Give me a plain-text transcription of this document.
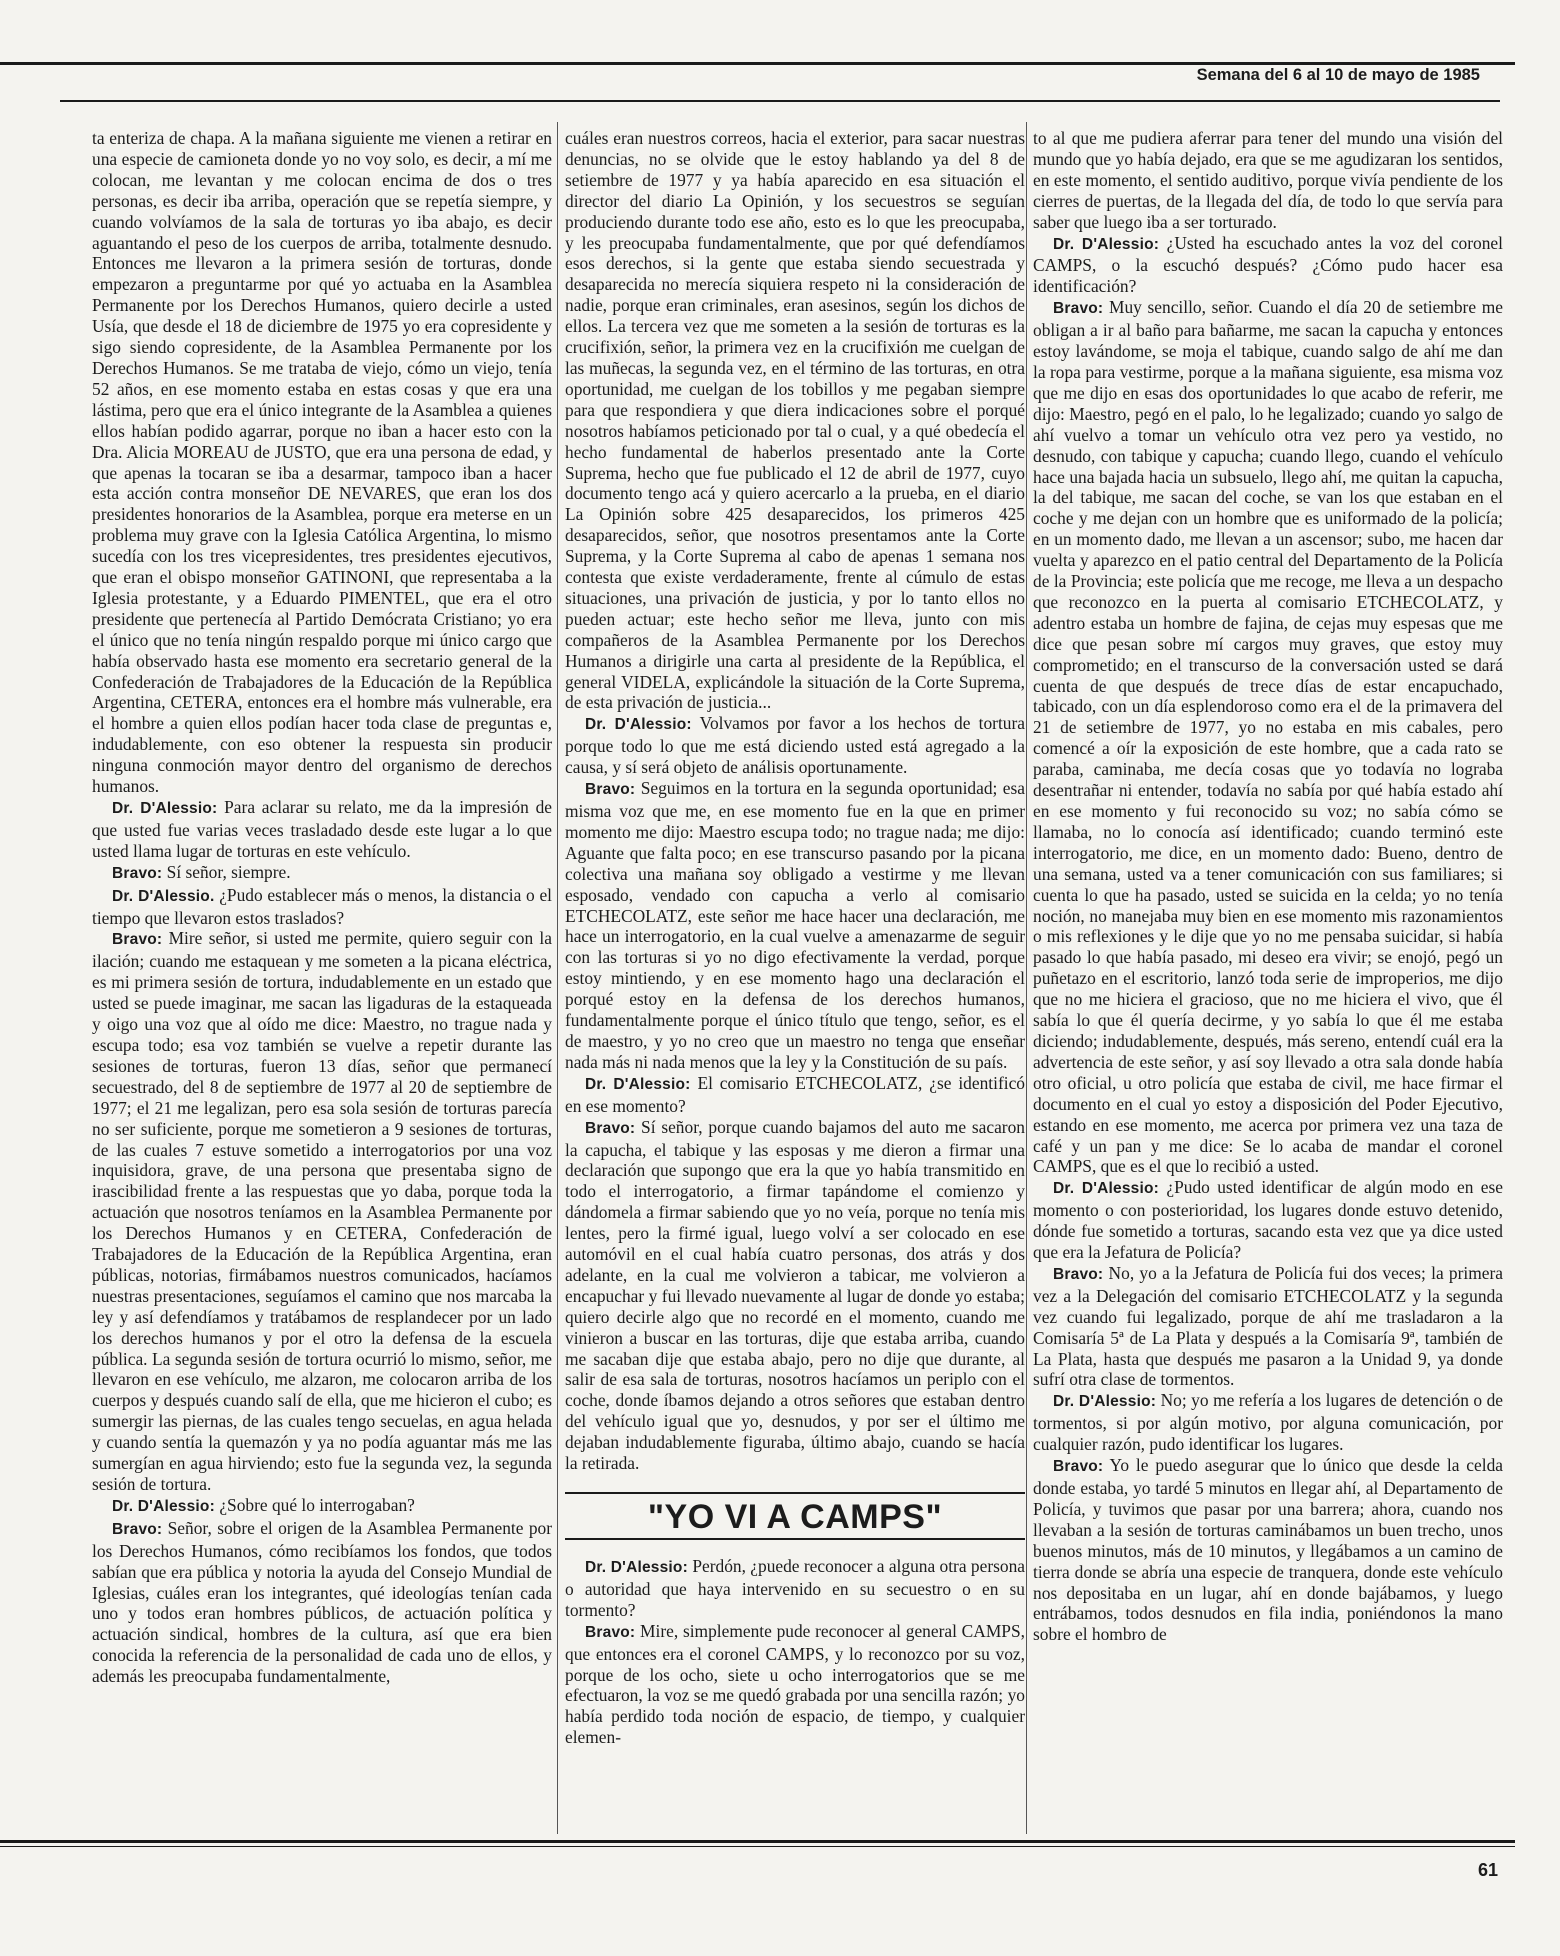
Semana del 6 al 10 de mayo de 1985

ta enteriza de chapa. A la mañana siguiente me vienen a retirar en una especie de camioneta donde yo no voy solo, es decir, a mí me colocan, me levantan y me colocan encima de dos o tres personas, es decir iba arriba, operación que se repetía siempre, y cuando volvíamos de la sala de torturas yo iba abajo, es decir aguantando el peso de los cuerpos de arriba, totalmente desnudo. Entonces me llevaron a la primera sesión de torturas, donde empezaron a preguntarme por qué yo actuaba en la Asamblea Permanente por los Derechos Humanos, quiero decirle a usted Usía, que desde el 18 de diciembre de 1975 yo era copresidente y sigo siendo copresidente, de la Asamblea Permanente por los Derechos Humanos. Se me trataba de viejo, cómo un viejo, tenía 52 años, en ese momento estaba en estas cosas y que era una lástima, pero que era el único integrante de la Asamblea a quienes ellos habían podido agarrar, porque no iban a hacer esto con la Dra. Alicia MOREAU de JUSTO, que era una persona de edad, y que apenas la tocaran se iba a desarmar, tampoco iban a hacer esta acción contra monseñor DE NEVARES, que eran los dos presidentes honorarios de la Asamblea, porque era meterse en un problema muy grave con la Iglesia Católica Argentina, lo mismo sucedía con los tres vicepresidentes, tres presidentes ejecutivos, que eran el obispo monseñor GATINONI, que representaba a la Iglesia protestante, y a Eduardo PIMENTEL, que era el otro presidente que pertenecía al Partido Demócrata Cristiano; yo era el único que no tenía ningún respaldo porque mi único cargo que había observado hasta ese momento era secretario general de la Confederación de Trabajadores de la Educación de la República Argentina, CETERA, entonces era el hombre más vulnerable, era el hombre a quien ellos podían hacer toda clase de preguntas e, indudablemente, con eso obtener la respuesta sin producir ninguna conmoción mayor dentro del organismo de derechos humanos.

Dr. D'Alessio: Para aclarar su relato, me da la impresión de que usted fue varias veces trasladado desde este lugar a lo que usted llama lugar de torturas en este vehículo.

Bravo: Sí señor, siempre.

Dr. D'Alessio. ¿Pudo establecer más o menos, la distancia o el tiempo que llevaron estos traslados?

Bravo: Mire señor, si usted me permite, quiero seguir con la ilación; cuando me estaquean y me someten a la picana eléctrica, es mi primera sesión de tortura, indudablemente en un estado que usted se puede imaginar, me sacan las ligaduras de la estaqueada y oigo una voz que al oído me dice: Maestro, no trague nada y escupa todo; esa voz también se vuelve a repetir durante las sesiones de torturas, fueron 13 días, señor que permanecí secuestrado, del 8 de septiembre de 1977 al 20 de septiembre de 1977; el 21 me legalizan, pero esa sola sesión de torturas parecía no ser suficiente, porque me sometieron a 9 sesiones de torturas, de las cuales 7 estuve sometido a interrogatorios por una voz inquisidora, grave, de una persona que presentaba signo de irascibilidad frente a las respuestas que yo daba, porque toda la actuación que nosotros teníamos en la Asamblea Permanente por los Derechos Humanos y en CETERA, Confederación de Trabajadores de la Educación de la República Argentina, eran públicas, notorias, firmábamos nuestros comunicados, hacíamos nuestras presentaciones, seguíamos el camino que nos marcaba la ley y así defendíamos y tratábamos de resplandecer por un lado los derechos humanos y por el otro la defensa de la escuela pública. La segunda sesión de tortura ocurrió lo mismo, señor, me llevaron en ese vehículo, me alzaron, me colocaron arriba de los cuerpos y después cuando salí de ella, que me hicieron el cubo; es sumergir las piernas, de las cuales tengo secuelas, en agua helada y cuando sentía la quemazón y ya no podía aguantar más me las sumergían en agua hirviendo; esto fue la segunda vez, la segunda sesión de tortura.

Dr. D'Alessio: ¿Sobre qué lo interrogaban?

Bravo: Señor, sobre el origen de la Asamblea Permanente por los Derechos Humanos, cómo recibíamos los fondos, que todos sabían que era pública y notoria la ayuda del Consejo Mundial de Iglesias, cuáles eran los integrantes, qué ideologías tenían cada uno y todos eran hombres públicos, de actuación política y actuación sindical, hombres de la cultura, así que era bien conocida la referencia de la personalidad de cada uno de ellos, y además les preocupaba fundamentalmente,

cuáles eran nuestros correos, hacia el exterior, para sacar nuestras denuncias, no se olvide que le estoy hablando ya del 8 de setiembre de 1977 y ya había aparecido en esa situación el director del diario La Opinión, y los secuestros se seguían produciendo durante todo ese año, esto es lo que les preocupaba, y les preocupaba fundamentalmente, que por qué defendíamos esos derechos, si la gente que estaba siendo secuestrada y desaparecida no merecía siquiera respeto ni la consideración de nadie, porque eran criminales, eran asesinos, según los dichos de ellos. La tercera vez que me someten a la sesión de torturas es la crucifixión, señor, la primera vez en la crucifixión me cuelgan de las muñecas, la segunda vez, en el término de las torturas, en otra oportunidad, me cuelgan de los tobillos y me pegaban siempre para que respondiera y que diera indicaciones sobre el porqué nosotros habíamos peticionado por tal o cual, y a qué obedecía el hecho fundamental de haberlos presentado ante la Corte Suprema, hecho que fue publicado el 12 de abril de 1977, cuyo documento tengo acá y quiero acercarlo a la prueba, en el diario La Opinión sobre 425 desaparecidos, los primeros 425 desaparecidos, señor, que nosotros presentamos ante la Corte Suprema, y la Corte Suprema al cabo de apenas 1 semana nos contesta que existe verdaderamente, frente al cúmulo de estas situaciones, una privación de justicia, y por lo tanto ellos no pueden actuar; este hecho señor me lleva, junto con mis compañeros de la Asamblea Permanente por los Derechos Humanos a dirigirle una carta al presidente de la República, el general VIDELA, explicándole la situación de la Corte Suprema, de esta privación de justicia...

Dr. D'Alessio: Volvamos por favor a los hechos de tortura porque todo lo que me está diciendo usted está agregado a la causa, y sí será objeto de análisis oportunamente.

Bravo: Seguimos en la tortura en la segunda oportunidad; esa misma voz que me, en ese momento fue en la que en primer momento me dijo: Maestro escupa todo; no trague nada; me dijo: Aguante que falta poco; en ese transcurso pasando por la picana colectiva una mañana soy obligado a vestirme y me llevan esposado, vendado con capucha a verlo al comisario ETCHECOLATZ, este señor me hace hacer una declaración, me hace un interrogatorio, en la cual vuelve a amenazarme de seguir con las torturas si yo no digo efectivamente la verdad, porque estoy mintiendo, y en ese momento hago una declaración el porqué estoy en la defensa de los derechos humanos, fundamentalmente porque el único título que tengo, señor, es el de maestro, y yo no creo que un maestro no tenga que enseñar nada más ni nada menos que la ley y la Constitución de su país.

Dr. D'Alessio: El comisario ETCHECOLATZ, ¿se identificó en ese momento?

Bravo: Sí señor, porque cuando bajamos del auto me sacaron la capucha, el tabique y las esposas y me dieron a firmar una declaración que supongo que era la que yo había transmitido en todo el interrogatorio, a firmar tapándome el comienzo y dándomela a firmar sabiendo que yo no veía, porque no tenía mis lentes, pero la firmé igual, luego volví a ser colocado en ese automóvil en el cual había cuatro personas, dos atrás y dos adelante, en la cual me volvieron a tabicar, me volvieron a encapuchar y fui llevado nuevamente al lugar de donde yo estaba; quiero decirle algo que no recordé en el momento, cuando me vinieron a buscar en las torturas, dije que estaba arriba, cuando me sacaban dije que estaba abajo, pero no dije que durante, al salir de esa sala de torturas, nosotros hacíamos un periplo con el coche, donde íbamos dejando a otros señores que estaban dentro del vehículo igual que yo, desnudos, y por ser el último me dejaban indudablemente figuraba, último abajo, cuando se hacía la retirada.

"YO VI A CAMPS"

Dr. D'Alessio: Perdón, ¿puede reconocer a alguna otra persona o autoridad que haya intervenido en su secuestro o en su tormento?

Bravo: Mire, simplemente pude reconocer al general CAMPS, que entonces era el coronel CAMPS, y lo reconozco por su voz, porque de los ocho, siete u ocho interrogatorios que se me efectuaron, la voz se me quedó grabada por una sencilla razón; yo había perdido toda noción de espacio, de tiempo, y cualquier elemen-

to al que me pudiera aferrar para tener del mundo una visión del mundo que yo había dejado, era que se me agudizaran los sentidos, en este momento, el sentido auditivo, porque vivía pendiente de los cierres de puertas, de la llegada del día, de todo lo que servía para saber que luego iba a ser torturado.

Dr. D'Alessio: ¿Usted ha escuchado antes la voz del coronel CAMPS, o la escuchó después? ¿Cómo pudo hacer esa identificación?

Bravo: Muy sencillo, señor. Cuando el día 20 de setiembre me obligan a ir al baño para bañarme, me sacan la capucha y entonces estoy lavándome, se moja el tabique, cuando salgo de ahí me dan la ropa para vestirme, porque a la mañana siguiente, esa misma voz que me dijo en esas dos oportunidades lo que acabo de referir, me dijo: Maestro, pegó en el palo, lo he legalizado; cuando yo salgo de ahí vuelvo a tomar un vehículo otra vez pero ya vestido, no desnudo, con tabique y capucha; cuando llego, cuando el vehículo hace una bajada hacia un subsuelo, llego ahí, me quitan la capucha, la del tabique, me sacan del coche, se van los que estaban en el coche y me dejan con un hombre que es uniformado de la policía; en un momento dado, me llevan a un ascensor; subo, me hacen dar vuelta y aparezco en el patio central del Departamento de la Policía de la Provincia; este policía que me recoge, me lleva a un despacho que reconozco en la puerta al comisario ETCHECOLATZ, y adentro estaba un hombre de fajina, de cejas muy espesas que me dice que pesan sobre mí cargos muy graves, que estoy muy comprometido; en el transcurso de la conversación usted se dará cuenta de que después de trece días de estar encapuchado, tabicado, con un día esplendoroso como era el de la primavera del 21 de setiembre de 1977, yo no estaba en mis cabales, pero comencé a oír la exposición de este hombre, que a cada rato se paraba, caminaba, me decía cosas que yo todavía no lograba desentrañar ni entender, todavía no sabía por qué había estado ahí en ese momento y fui reconocido su voz; no sabía cómo se llamaba, no lo conocía así identificado; cuando terminó este interrogatorio, me dice, en un momento dado: Bueno, dentro de una semana, usted va a tener comunicación con sus familiares; si cuenta lo que ha pasado, usted se suicida en la celda; yo no tenía noción, no manejaba muy bien en ese momento mis razonamientos o mis reflexiones y le dije que yo no me pensaba suicidar, si había pasado lo que había pasado, mi deseo era vivir; se enojó, pegó un puñetazo en el escritorio, lanzó toda serie de improperios, me dijo que no me hiciera el gracioso, que no me hiciera el vivo, que él sabía lo que él quería decirme, y yo sabía lo que él me estaba diciendo; indudablemente, después, más sereno, entendí cuál era la advertencia de este señor, y así soy llevado a otra sala donde había otro oficial, u otro policía que estaba de civil, me hace firmar el documento en el cual yo estoy a disposición del Poder Ejecutivo, estando en ese momento, me acerca por primera vez una taza de café y un pan y me dice: Se lo acaba de mandar el coronel CAMPS, que es el que lo recibió a usted.

Dr. D'Alessio: ¿Pudo usted identificar de algún modo en ese momento o con posterioridad, los lugares donde estuvo detenido, dónde fue sometido a torturas, sacando esta vez que ya dice usted que era la Jefatura de Policía?

Bravo: No, yo a la Jefatura de Policía fui dos veces; la primera vez a la Delegación del comisario ETCHECOLATZ y la segunda vez cuando fui legalizado, porque de ahí me trasladaron a la Comisaría 5ª de La Plata y después a la Comisaría 9ª, también de La Plata, hasta que después me pasaron a la Unidad 9, ya donde sufrí otra clase de tormentos.

Dr. D'Alessio: No; yo me refería a los lugares de detención o de tormentos, si por algún motivo, por alguna comunicación, por cualquier razón, pudo identificar los lugares.

Bravo: Yo le puedo asegurar que lo único que desde la celda donde estaba, yo tardé 5 minutos en llegar ahí, al Departamento de Policía, y tuvimos que pasar por una barrera; ahora, cuando nos llevaban a la sesión de torturas caminábamos un buen trecho, unos buenos minutos, más de 10 minutos, y llegábamos a un camino de tierra donde se abría una especie de tranquera, donde este vehículo nos depositaba en un lugar, ahí en donde bajábamos, y luego entrábamos, todos desnudos en fila india, poniéndonos la mano sobre el hombro de

61
